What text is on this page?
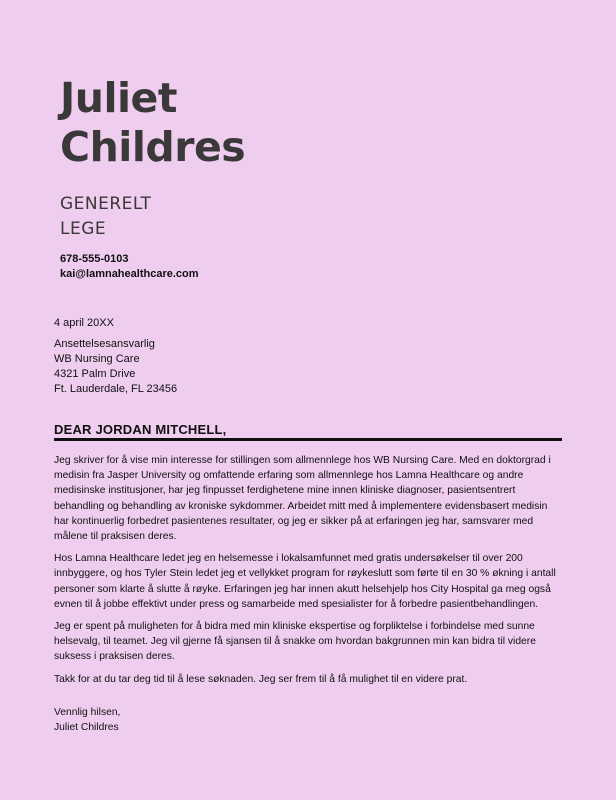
Juliet
Childres
GENERELT
LEGE
678-555-0103
kai@lamnahealthcare.com
4 april 20XX
Ansettelsesansvarlig
WB Nursing Care
4321 Palm Drive
Ft. Lauderdale, FL 23456
DEAR JORDAN MITCHELL,

Jeg skriver for å vise min interesse for stillingen som allmennlege hos WB Nursing Care. Med en doktorgrad i medisin fra Jasper University og omfattende erfaring som allmennlege hos Lamna Healthcare og andre medisinske institusjoner, har jeg finpusset ferdighetene mine innen kliniske diagnoser, pasientsentrert behandling og behandling av kroniske sykdommer. Arbeidet mitt med å implementere evidensbasert medisin har kontinuerlig forbedret pasientenes resultater, og jeg er sikker på at erfaringen jeg har, samsvarer med målene til praksisen deres.

Hos Lamna Healthcare ledet jeg en helsemesse i lokalsamfunnet med gratis undersøkelser til over 200 innbyggere, og hos Tyler Stein ledet jeg et vellykket program for røykeslutt som førte til en 30 % økning i antall personer som klarte å slutte å røyke. Erfaringen jeg har innen akutt helsehjelp hos City Hospital ga meg også evnen til å jobbe effektivt under press og samarbeide med spesialister for å forbedre pasientbehandlingen.

Jeg er spent på muligheten for å bidra med min kliniske ekspertise og forpliktelse i forbindelse med sunne helsevalg, til teamet. Jeg vil gjerne få sjansen til å snakke om hvordan bakgrunnen min kan bidra til videre suksess i praksisen deres.

Takk for at du tar deg tid til å lese søknaden. Jeg ser frem til å få mulighet til en videre prat.

Vennlig hilsen,
Juliet Childres
